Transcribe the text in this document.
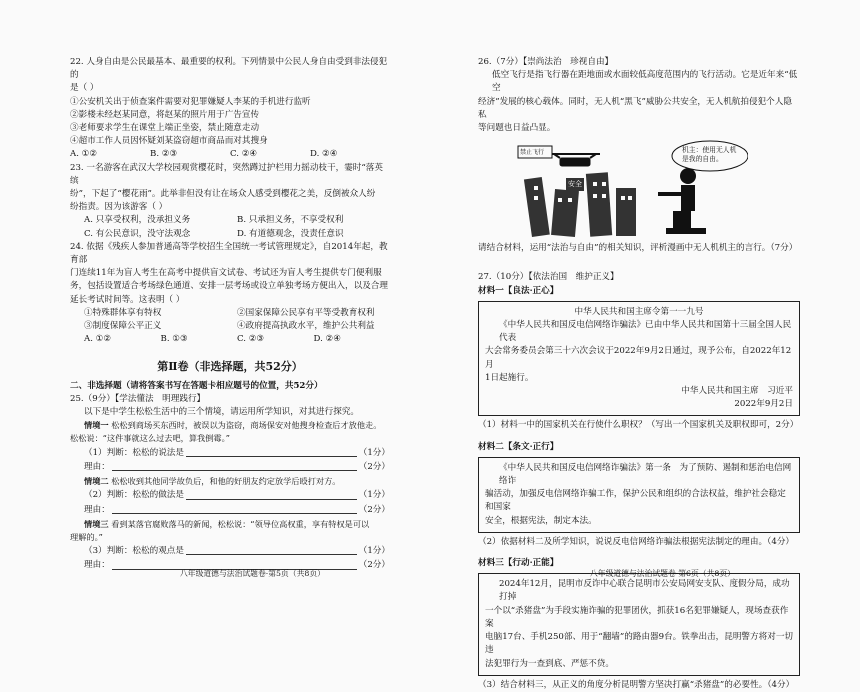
22. 人身自由是公民最基本、最重要的权利。下列情景中公民人身自由受到非法侵犯的
是（ ）
①公安机关出于侦查案件需要对犯罪嫌疑人李某的手机进行监听
②影楼未经赵某同意，将赵某的照片用于广告宣传
③老师要求学生在课堂上端正坐姿，禁止随意走动
④超市工作人员因怀疑刘某盗窃超市商品而对其搜身
A. ①②	B. ②③	C. ②④	D. ②④
23. 一名游客在武汉大学校园观赏樱花时，突然蹲过护栏用力摇动枝干，霎时“落英缤
纷”，下起了“樱花雨”。此举非但没有让在场众人感受到樱花之美，反倒被众人纷
纷指责。因为该游客（ ）
A. 只享受权利，没承担义务	B. 只承担义务，不享受权利
C. 有公民意识，没守法观念	D. 有道德观念，没责任意识
24. 依据《残疾人参加普通高等学校招生全国统一考试管理规定》，自2014年起，教育部
门连续11年为盲人考生在高考中提供盲文试卷、考试还为盲人考生提供专门便利服
务，包括设置适合考场绿色通道、安排一层考场或设立单独考场方便出入，以及合理
延长考试时间等。这表明（ ）
①特殊群体享有特权	②国家保障公民享有平等受教育权利
③制度保障公平正义	④政府提高执政水平，维护公共利益
A. ①②	B. ①③	C. ②③	D. ②④
第Ⅱ卷（非选择题，共52分）
二、非选择题（请将答案书写在答题卡相应题号的位置，共52分）
25.（9分）【学法懂法　明理践行】
以下是中学生松松生活中的三个情境，请运用所学知识，对其进行探究。
情境一 松松到商场买东西时，被误以为盗窃，商场保安对他搜身检查后才放他走。
松松说：“这件事就这么过去吧，算我倒霉。”
（1）判断：松松的说法是	（1分）
理由：	（2分）
情境二 松松收到其他同学故负后，和他的好朋友约定放学后殴打对方。
（2）判断：松松的做法是	（1分）
理由：	（2分）
情境三 看到某落官腐败落马的新闻，松松说：“领导位高权重，享有特权是可以
理解的。”
（3）判断：松松的观点是	（1分）
理由：	（2分）
26.（7分）【崇尚法治　珍视自由】
低空飞行是指飞行器在距地面或水面较低高度范围内的飞行活动。它是近年来“低空
经济”发展的核心载体。同时，无人机“黑飞”威胁公共安全，无人机航拍侵犯个人隐私
等问题也日益凸显。
禁止飞行
安全
机主：使用无人机是我的自由。
请结合材料，运用“法治与自由”的相关知识，评析漫画中无人机机主的言行。（7分）
27.（10分）【依法治国　维护正义】
材料一【良法·正心】
中华人民共和国主席令第一一九号
《中华人民共和国反电信网络诈骗法》已由中华人民共和国第十三届全国人民代表
大会常务委员会第三十六次会议于2022年9月2日通过，现予公布，自2022年12月
1日起施行。
中华人民共和国主席　习近平
2022年9月2日
（1）材料一中的国家机关在行使什么职权？（写出一个国家机关及职权即可，2分）
材料二【条文·正行】
《中华人民共和国反电信网络诈骗法》第一条　为了预防、遏制和惩治电信网络诈
骗活动，加强反电信网络诈骗工作，保护公民和组织的合法权益，维护社会稳定和国家
安全，根据宪法，制定本法。
（2）依据材料二及所学知识，说说反电信网络诈骗法根据宪法制定的理由。（4分）
材料三【行动·正能】
2024年12月，昆明市反诈中心联合昆明市公安局网安支队、度假分局，成功打掉
一个以“杀猪盘”为手段实施诈骗的犯罪团伙，抓获16名犯罪嫌疑人，现场查获作案
电脑17台、手机250部、用于“翻墙”的路由器9台。铁拳出击，昆明警方将对一切违
法犯罪行为一查到底、严惩不贷。
（3）结合材料三，从正义的角度分析昆明警方坚决打赢“杀猪盘”的必要性。（4分）
八年级道德与法治试题卷·第5页（共8页）	八年级道德与法治试题卷·第6页（共8页）
